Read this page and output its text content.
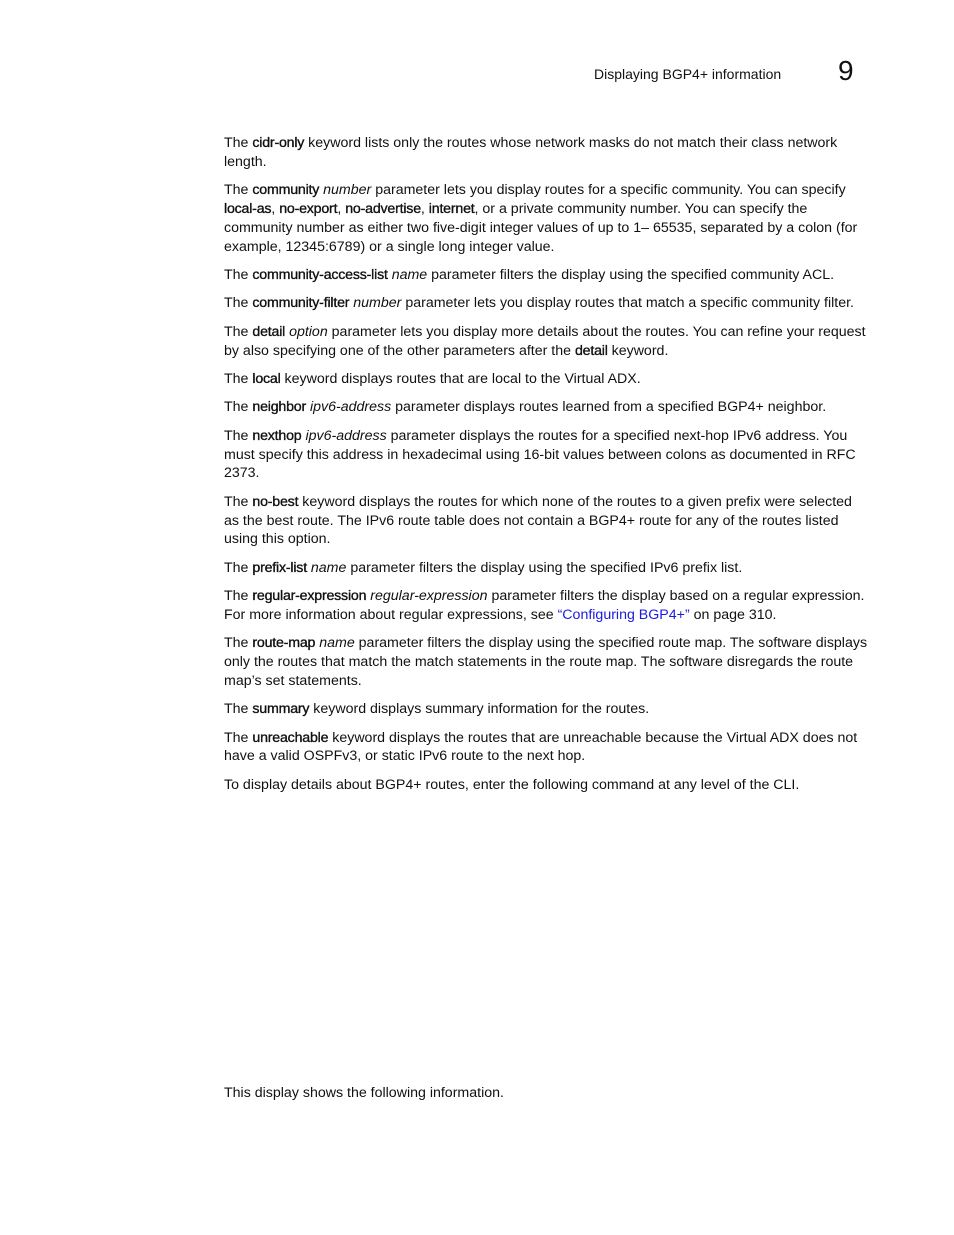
Displaying BGP4+ information 9

The cidr-only keyword lists only the routes whose network masks do not match their class network length.

The community number parameter lets you display routes for a specific community. You can specify local-as, no-export, no-advertise, internet, or a private community number. You can specify the community number as either two five-digit integer values of up to 1– 65535, separated by a colon (for example, 12345:6789) or a single long integer value.

The community-access-list name parameter filters the display using the specified community ACL.

The community-filter number parameter lets you display routes that match a specific community filter.

The detail option parameter lets you display more details about the routes. You can refine your request by also specifying one of the other parameters after the detail keyword.

The local keyword displays routes that are local to the Virtual ADX.

The neighbor ipv6-address parameter displays routes learned from a specified BGP4+ neighbor.

The nexthop ipv6-address parameter displays the routes for a specified next-hop IPv6 address. You must specify this address in hexadecimal using 16-bit values between colons as documented in RFC 2373.

The no-best keyword displays the routes for which none of the routes to a given prefix were selected as the best route. The IPv6 route table does not contain a BGP4+ route for any of the routes listed using this option.

The prefix-list name parameter filters the display using the specified IPv6 prefix list.

The regular-expression regular-expression parameter filters the display based on a regular expression. For more information about regular expressions, see “Configuring BGP4+” on page 310.

The route-map name parameter filters the display using the specified route map. The software displays only the routes that match the match statements in the route map. The software disregards the route map’s set statements.

The summary keyword displays summary information for the routes.

The unreachable keyword displays the routes that are unreachable because the Virtual ADX does not have a valid OSPFv3, or static IPv6 route to the next hop.

To display details about BGP4+ routes, enter the following command at any level of the CLI.

This display shows the following information.
